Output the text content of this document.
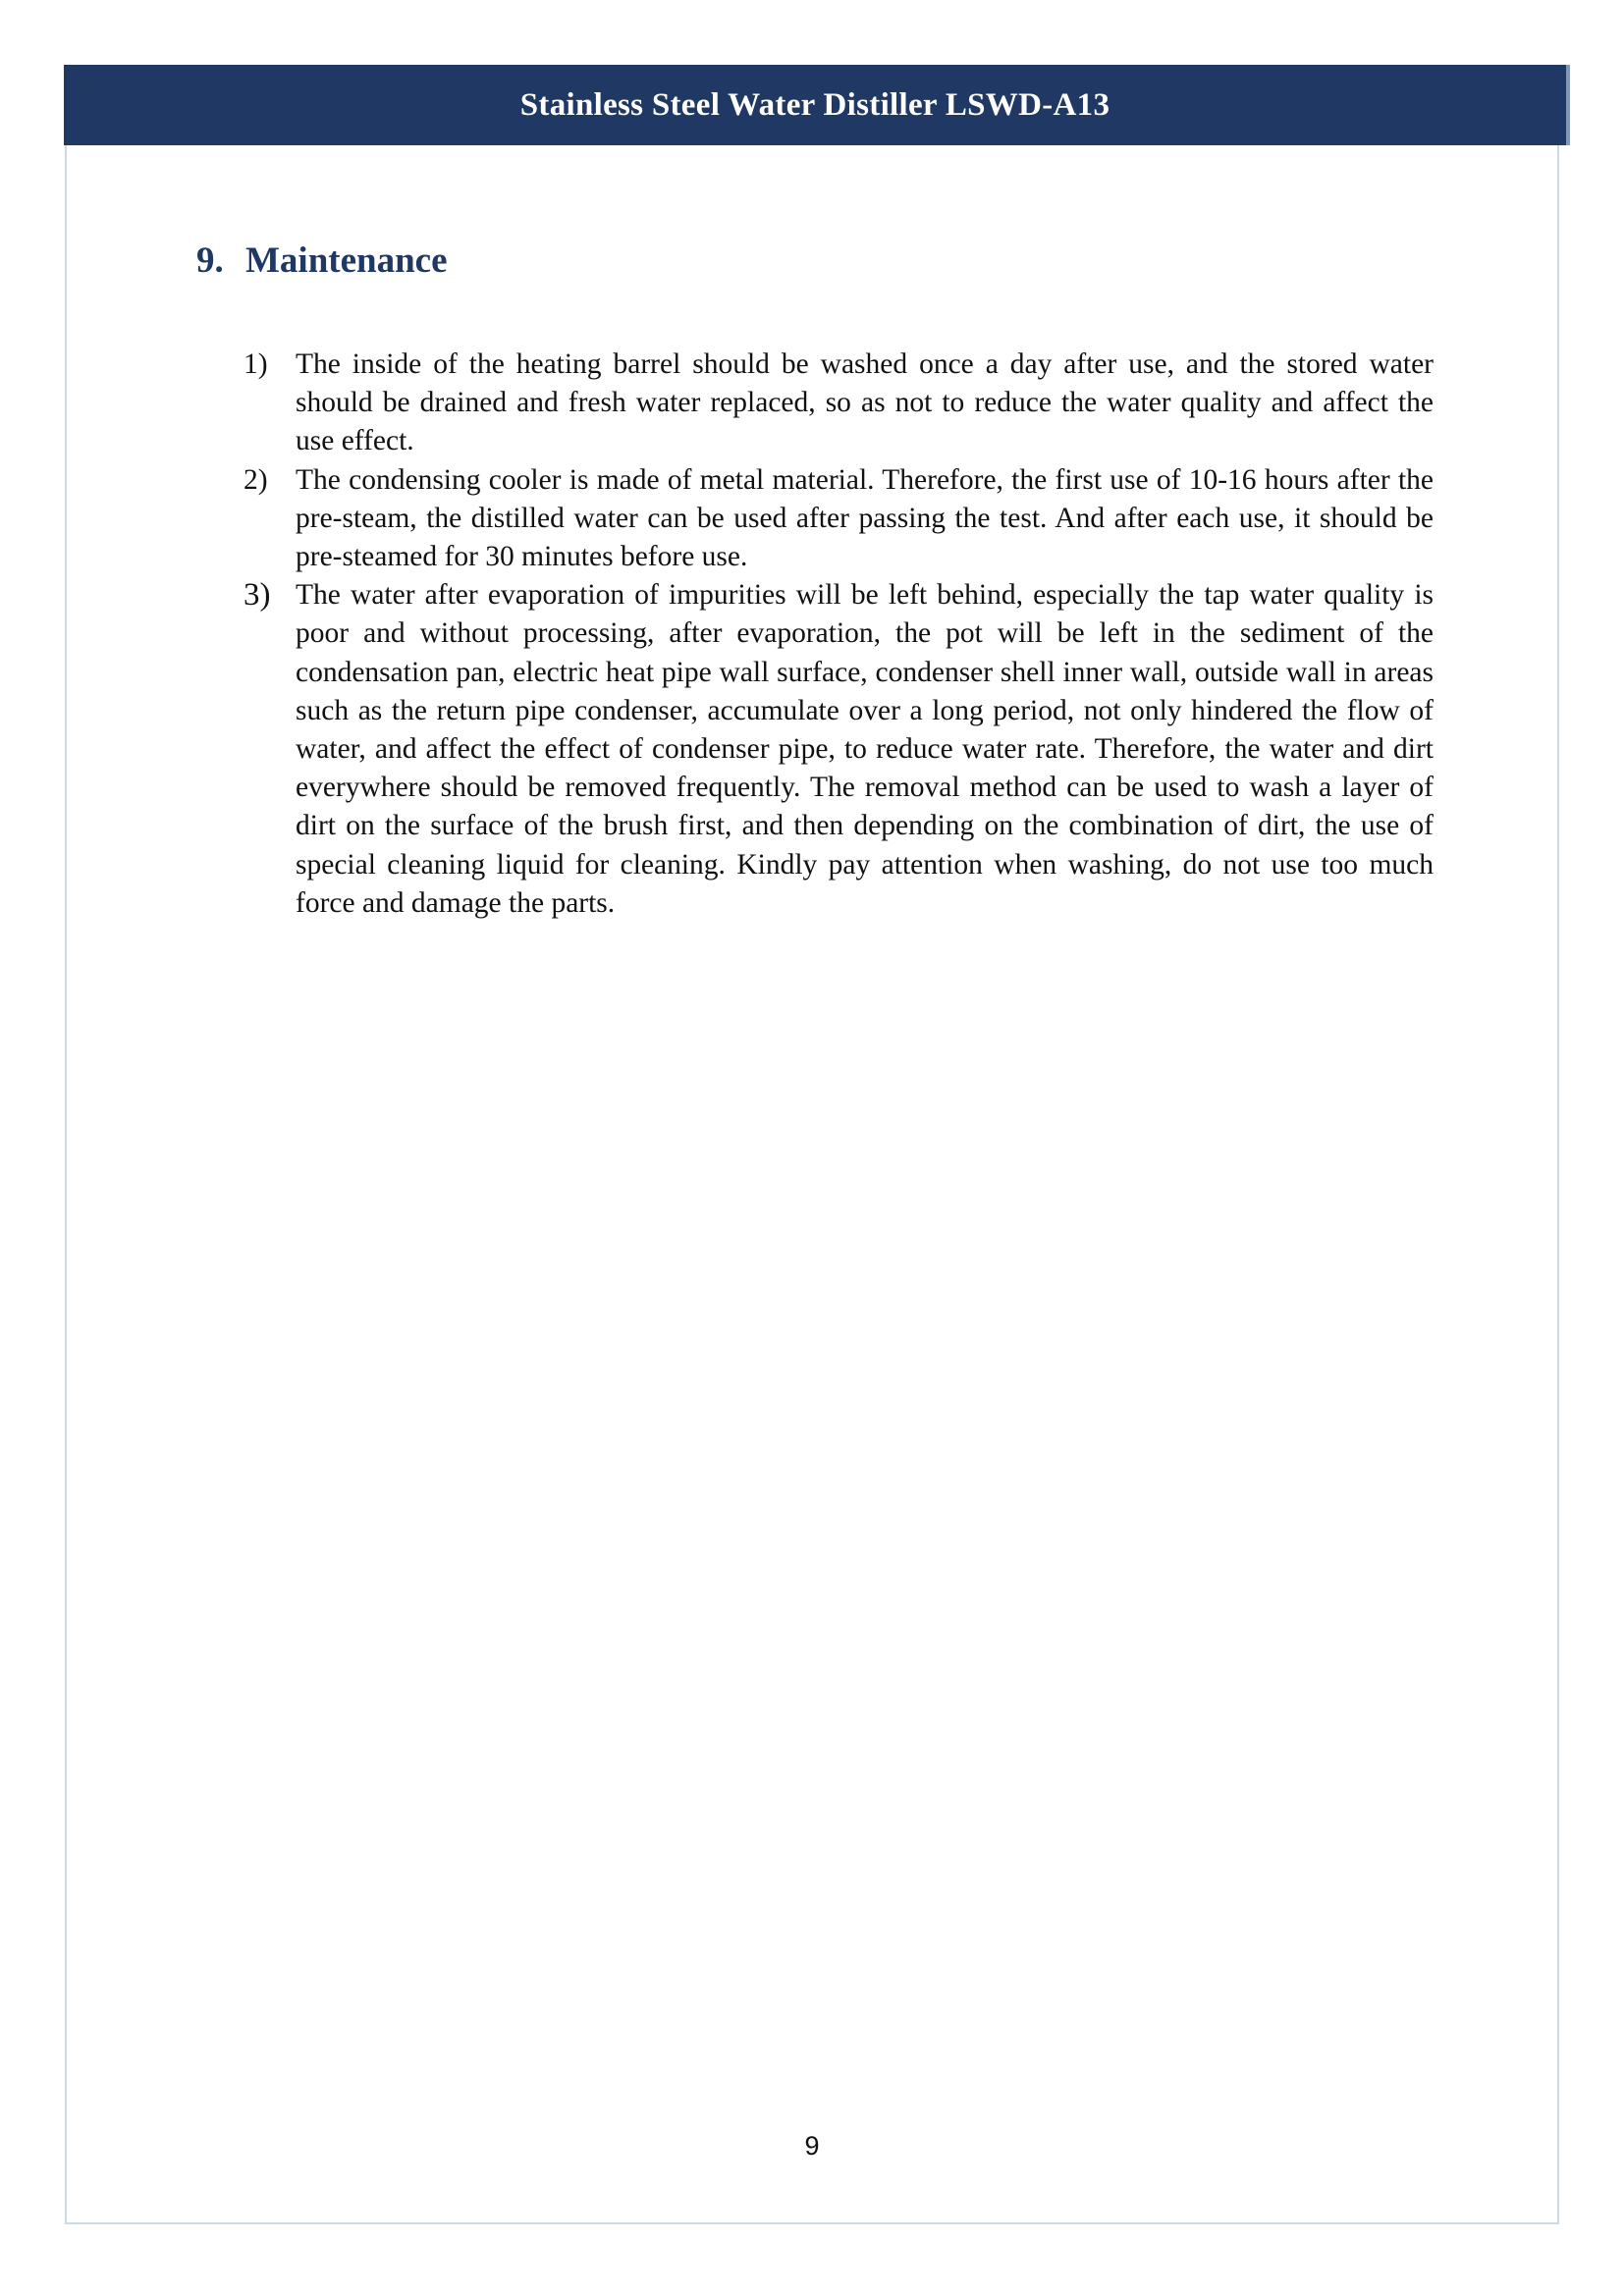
Stainless Steel Water Distiller LSWD-A13
9. Maintenance
1) The inside of the heating barrel should be washed once a day after use, and the stored water should be drained and fresh water replaced, so as not to reduce the water quality and affect the use effect.
2) The condensing cooler is made of metal material. Therefore, the first use of 10-16 hours after the pre-steam, the distilled water can be used after passing the test. And after each use, it should be pre-steamed for 30 minutes before use.
3) The water after evaporation of impurities will be left behind, especially the tap water quality is poor and without processing, after evaporation, the pot will be left in the sediment of the condensation pan, electric heat pipe wall surface, condenser shell inner wall, outside wall in areas such as the return pipe condenser, accumulate over a long period, not only hindered the flow of water, and affect the effect of condenser pipe, to reduce water rate. Therefore, the water and dirt everywhere should be removed frequently. The removal method can be used to wash a layer of dirt on the surface of the brush first, and then depending on the combination of dirt, the use of special cleaning liquid for cleaning. Kindly pay attention when washing, do not use too much force and damage the parts.
9
